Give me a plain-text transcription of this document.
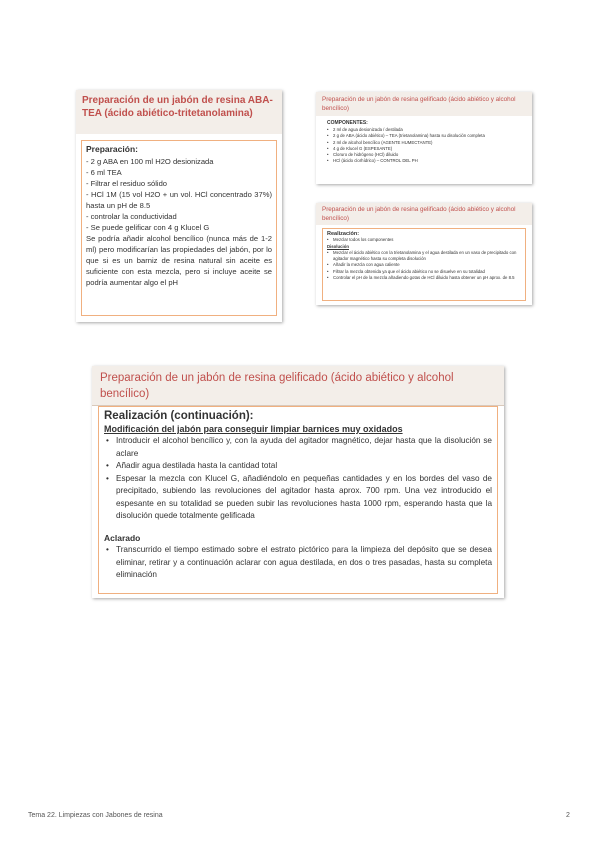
Preparación de un jabón de resina ABA-TEA (ácido abiético-tritetanolamina)
Preparación:
- 2 g ABA en 100 ml H2O desionizada
- 6 ml TEA
- Filtrar el residuo sólido
- HCl 1M (15 vol H2O + un vol. HCl concentrado 37%) hasta un pH de 8.5
- controlar la conductividad
- Se puede gelificar con 4 g Klucel G
Se podría añadir alcohol bencílico (nunca más de 1-2 ml) pero modificarían las propiedades del jabón, por lo que si es un barniz de resina natural sin aceite es suficiente con esta mezcla, pero si incluye aceite se podría aumentar algo el pH
Preparación de un jabón de resina gelificado (ácido abiético y alcohol bencílico)
COMPONENTES:
• 2 ml de agua desionizada / destilada
• 2 g de ABA (ácido abiético) – TEA (trietanolamina) hasta su disolución completa
• 2 ml de alcohol bencílico (AGENTE HUMECTANTE)
• 4 g de Klucel G (ESPESANTE)
• Cloruro de hidrógeno (HCl) diluido
• HCl (ácido clorhídrico) – CONTROL DEL PH
Preparación de un jabón de resina gelificado (ácido abiético y alcohol bencílico)
Realización:
• Mezclar todos los componentes
Disolución
• Mezclar el ácido abiético con la trietanolamina y el agua destilada en un vaso de precipitado con agitador magnético hasta su completa disolución
• Añadir la mezcla con agua caliente
• Filtrar la mezcla obtenida ya que el ácido abiético no se disuelve en su totalidad
• Controlar el pH de la mezcla añadiendo gotas de HCl diluido hasta obtener un pH aprox. de 8.5
Preparación de un jabón de resina gelificado (ácido abiético y alcohol bencílico)
Realización (continuación):
Modificación del jabón para conseguir limpiar barnices muy oxidados
• Introducir el alcohol bencílico y, con la ayuda del agitador magnético, dejar hasta que la disolución se aclare
• Añadir agua destilada hasta la cantidad total
• Espesar la mezcla con Klucel G, añadiéndolo en pequeñas cantidades y en los bordes del vaso de precipitado, subiendo las revoluciones del agitador hasta aprox. 700 rpm. Una vez introducido el espesante en su totalidad se pueden subir las revoluciones hasta 1000 rpm, esperando hasta que la disolución quede totalmente gelificada
Aclarado
• Transcurrido el tiempo estimado sobre el estrato pictórico para la limpieza del depósito que se desea eliminar, retirar y a continuación aclarar con agua destilada, en dos o tres pasadas, hasta su completa eliminación
Tema 22. Limpiezas con Jabones de resina	2
